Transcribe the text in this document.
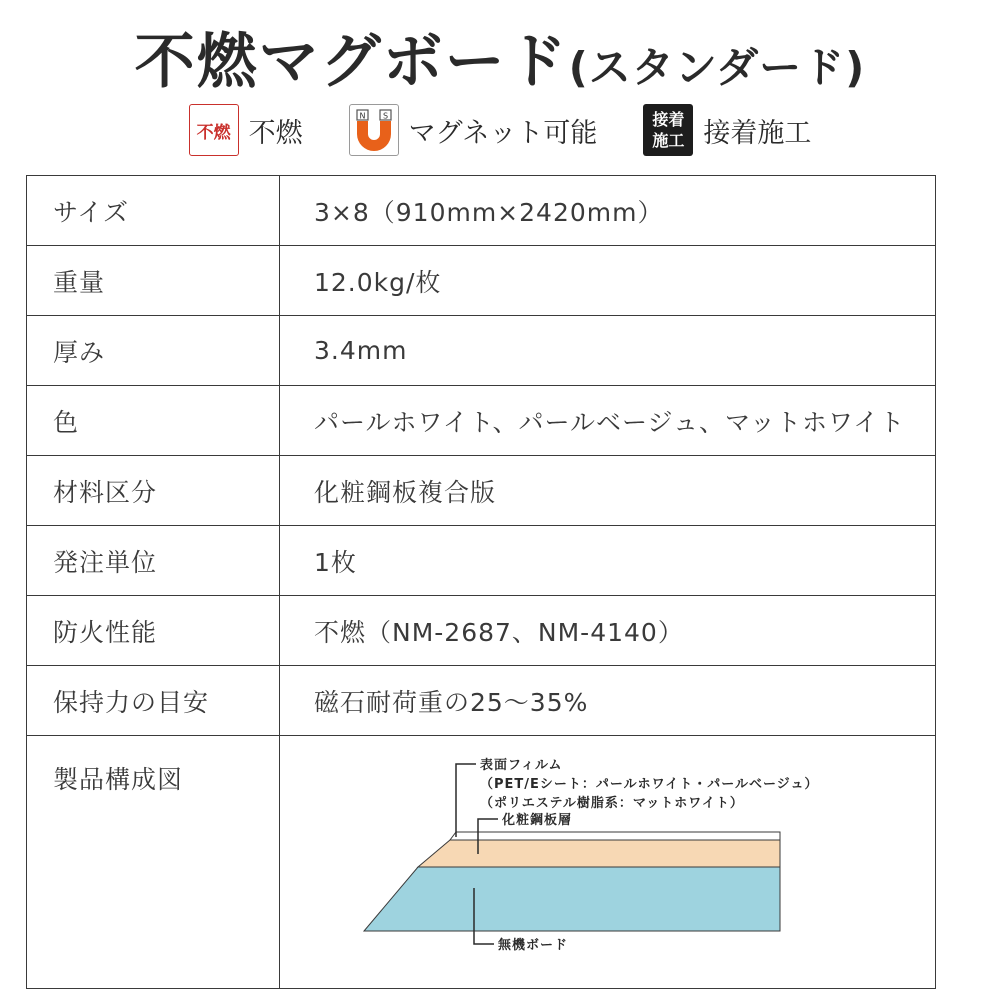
不燃マグボード(スタンダード)
不燃 不燃
N S
マグネット可能	接着
施工 接着施工
サイズ	3×8（910mm×2420mm）
重量	12.0kg/枚
厚み	3.4mm
色	パールホワイト、パールベージュ、マットホワイト
材料区分	化粧鋼板複合版
発注単位	1枚
防火性能	不燃（NM-2687、NM-4140）
保持力の目安	磁石耐荷重の25〜35%
製品構成図	表面フィルム
（PET/Eシート：パールホワイト・パールベージュ）
（ポリエステル樹脂系：マットホワイト）
化粧鋼板層
無機ボード
